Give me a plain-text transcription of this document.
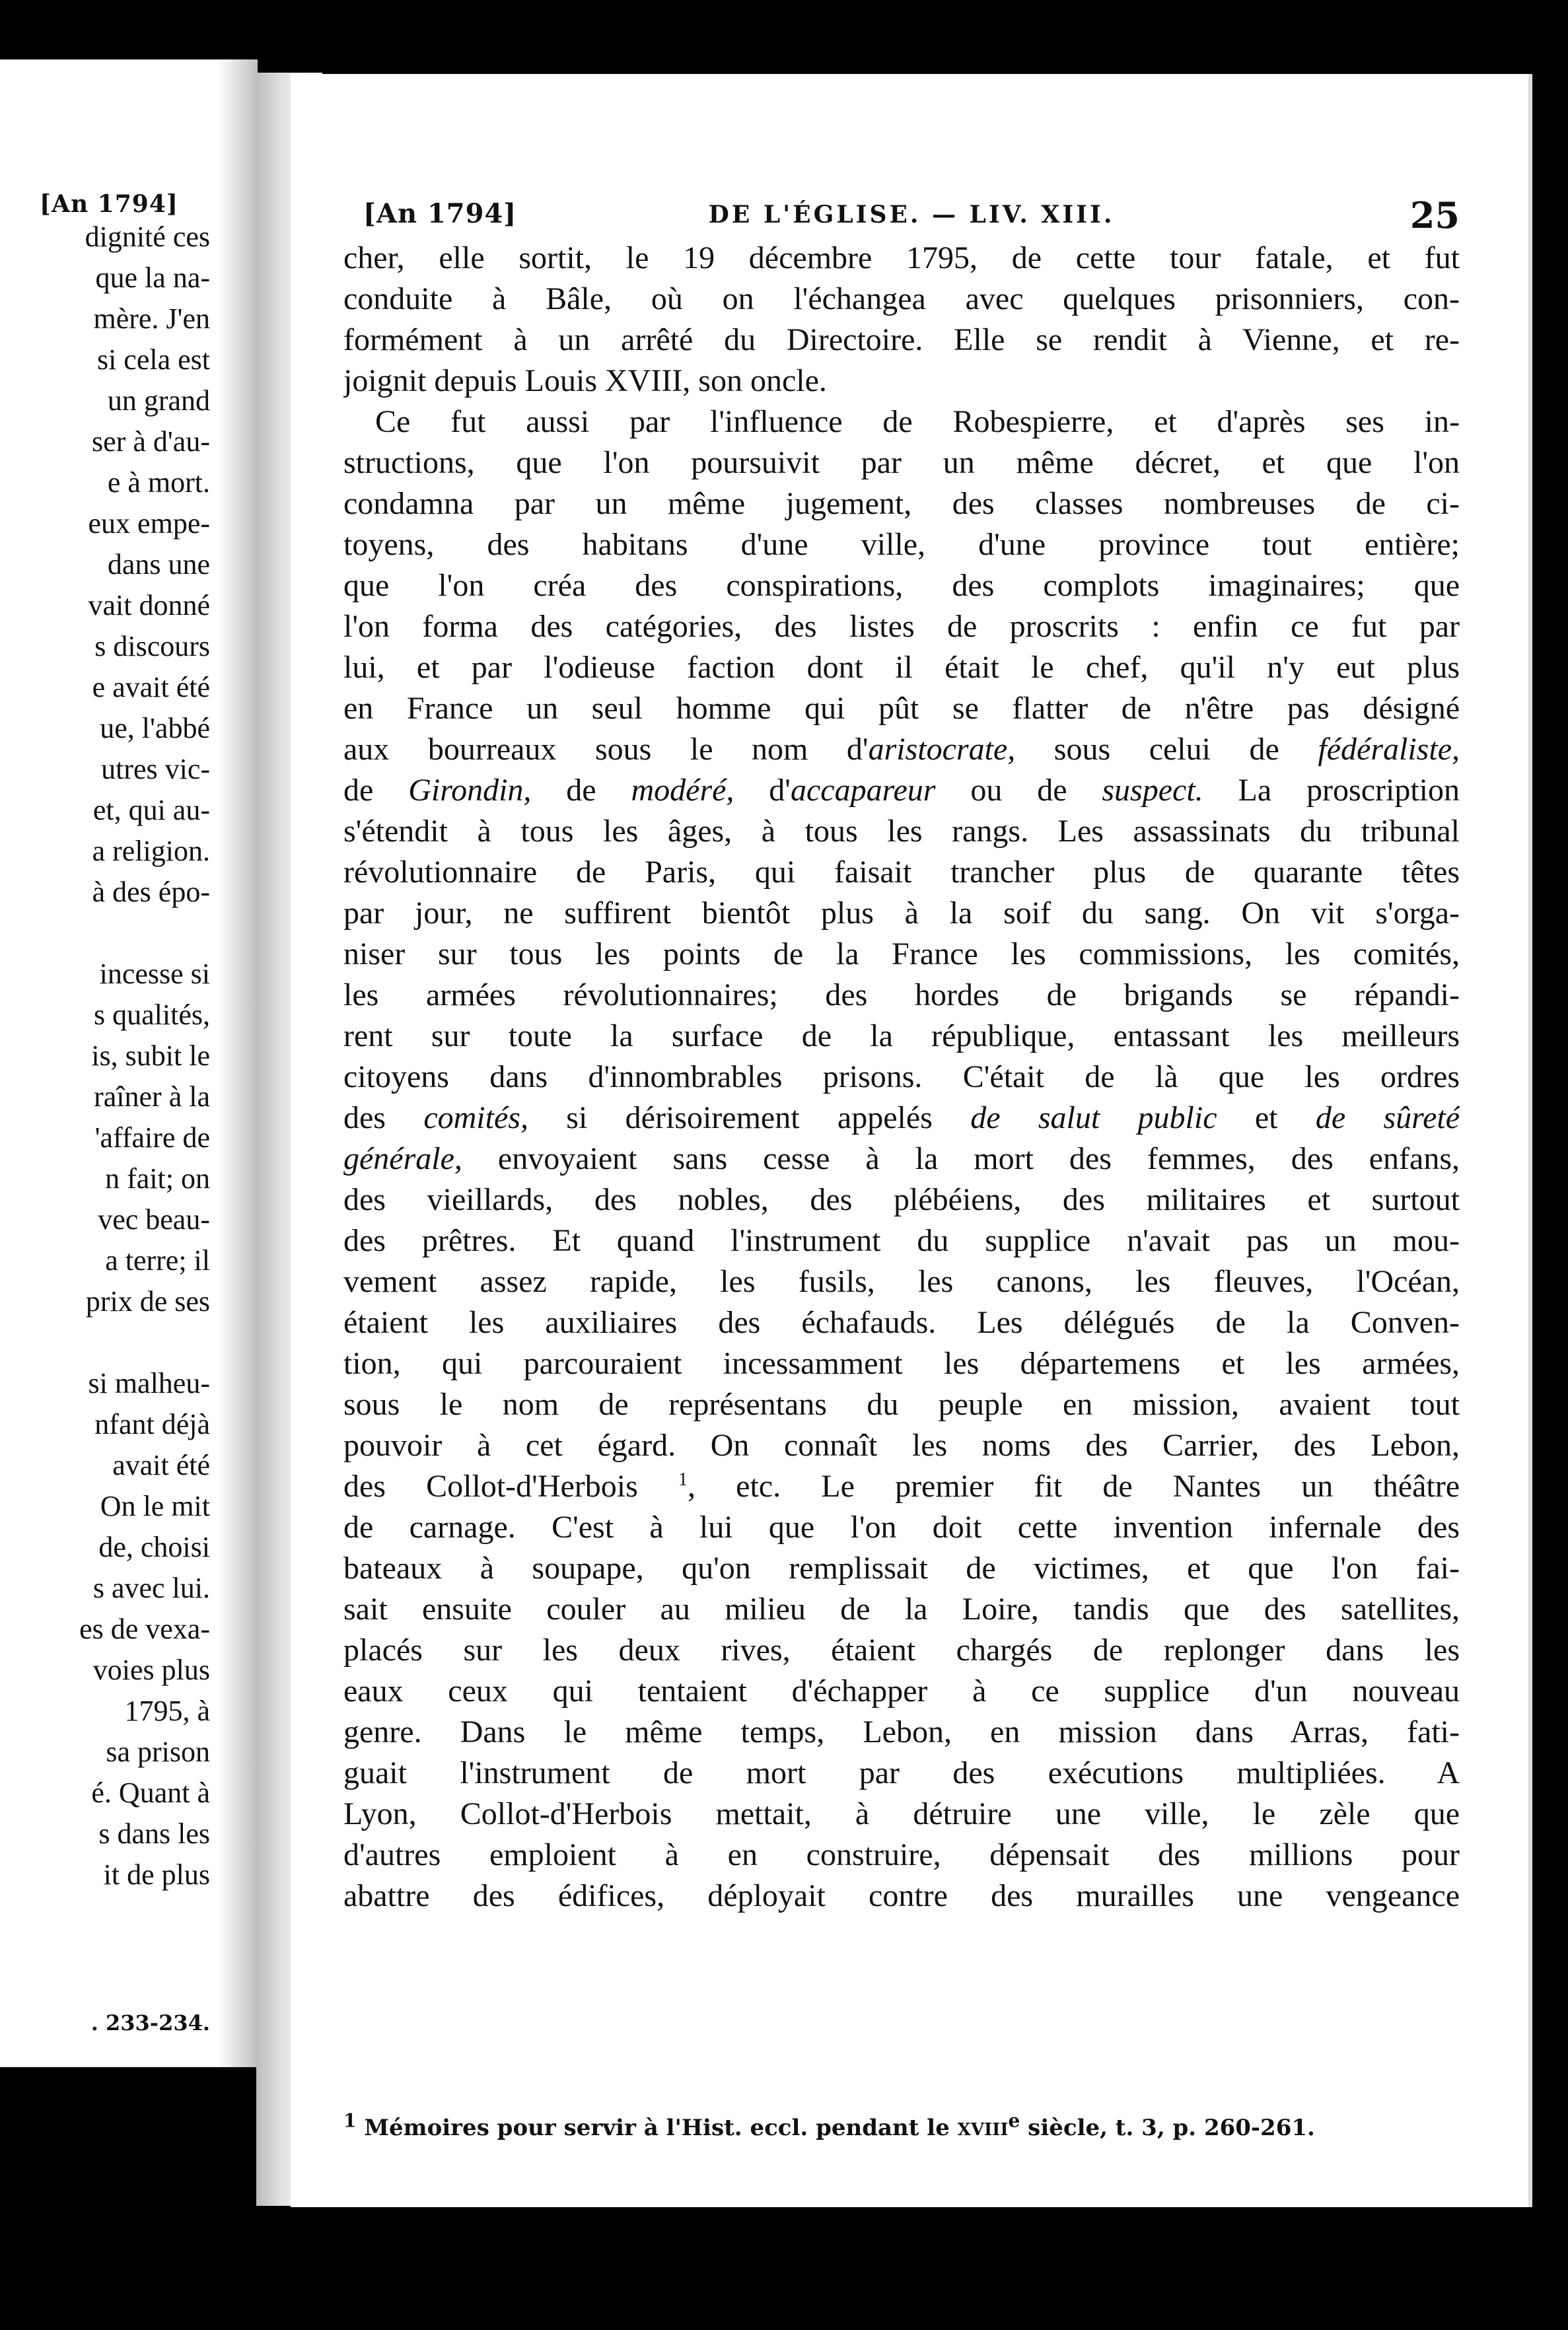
[An 1794]
dignité ces
que la na-
mère. J'en
si cela est
un grand
ser à d'au-
e à mort.
eux empe-
dans une
vait donné
s discours
e avait été
ue, l'abbé
utres vic-
et, qui au-
a religion.
à des épo-
incesse si
s qualités,
is, subit le
raîner à la
'affaire de
n fait; on
vec beau-
a terre; il
prix de ses
si malheu-
nfant déjà
avait été
On le mit
de, choisi
s avec lui.
es de vexa-
voies plus
1795, à
sa prison
é. Quant à
s dans les
it de plus
. 233-234.
[An 1794]	DE L'ÉGLISE. — LIV. XIII.	25
cher, elle sortit, le 19 décembre 1795, de cette tour fatale, et fut
conduite à Bâle, où on l'échangea avec quelques prisonniers, con-
formément à un arrêté du Directoire. Elle se rendit à Vienne, et re-
joignit depuis Louis XVIII, son oncle.
Ce fut aussi par l'influence de Robespierre, et d'après ses in-
structions, que l'on poursuivit par un même décret, et que l'on
condamna par un même jugement, des classes nombreuses de ci-
toyens, des habitans d'une ville, d'une province tout entière;
que l'on créa des conspirations, des complots imaginaires; que
l'on forma des catégories, des listes de proscrits : enfin ce fut par
lui, et par l'odieuse faction dont il était le chef, qu'il n'y eut plus
en France un seul homme qui pût se flatter de n'être pas désigné
aux bourreaux sous le nom d'aristocrate, sous celui de fédéraliste,
de Girondin, de modéré, d'accapareur ou de suspect. La proscription
s'étendit à tous les âges, à tous les rangs. Les assassinats du tribunal
révolutionnaire de Paris, qui faisait trancher plus de quarante têtes
par jour, ne suffirent bientôt plus à la soif du sang. On vit s'orga-
niser sur tous les points de la France les commissions, les comités,
les armées révolutionnaires; des hordes de brigands se répandi-
rent sur toute la surface de la république, entassant les meilleurs
citoyens dans d'innombrables prisons. C'était de là que les ordres
des comités, si dérisoirement appelés de salut public et de sûreté
générale, envoyaient sans cesse à la mort des femmes, des enfans,
des vieillards, des nobles, des plébéiens, des militaires et surtout
des prêtres. Et quand l'instrument du supplice n'avait pas un mou-
vement assez rapide, les fusils, les canons, les fleuves, l'Océan,
étaient les auxiliaires des échafauds. Les délégués de la Conven-
tion, qui parcouraient incessamment les départemens et les armées,
sous le nom de représentans du peuple en mission, avaient tout
pouvoir à cet égard. On connaît les noms des Carrier, des Lebon,
des Collot-d'Herbois $^1$, etc. Le premier fit de Nantes un théâtre
de carnage. C'est à lui que l'on doit cette invention infernale des
bateaux à soupape, qu'on remplissait de victimes, et que l'on fai-
sait ensuite couler au milieu de la Loire, tandis que des satellites,
placés sur les deux rives, étaient chargés de replonger dans les
eaux ceux qui tentaient d'échapper à ce supplice d'un nouveau
genre. Dans le même temps, Lebon, en mission dans Arras, fati-
guait l'instrument de mort par des exécutions multipliées. A
Lyon, Collot-d'Herbois mettait, à détruire une ville, le zèle que
d'autres emploient à en construire, dépensait des millions pour
abattre des édifices, déployait contre des murailles une vengeance
$^1$ Mémoires pour servir à l'Hist. eccl. pendant le XVIIIe siècle, t. 3, p. 260-261.
